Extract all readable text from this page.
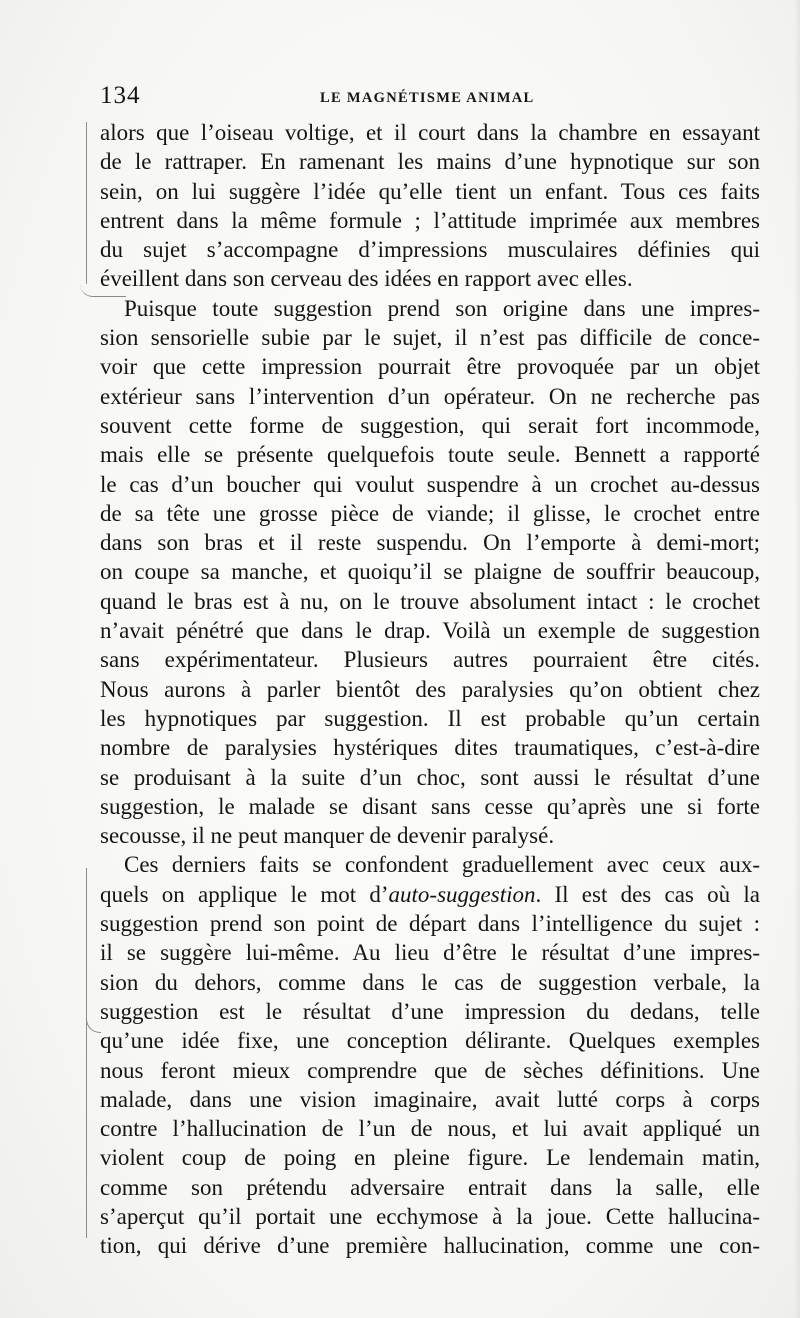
134	LE MAGNÉTISME ANIMAL
alors que l’oiseau voltige, et il court dans la chambre en essayant
de le rattraper. En ramenant les mains d’une hypnotique sur son
sein, on lui suggère l’idée qu’elle tient un enfant. Tous ces faits
entrent dans la même formule ; l’attitude imprimée aux membres
du sujet s’accompagne d’impressions musculaires définies qui
éveillent dans son cerveau des idées en rapport avec elles.
Puisque toute suggestion prend son origine dans une impres-
sion sensorielle subie par le sujet, il n’est pas difficile de conce-
voir que cette impression pourrait être provoquée par un objet
extérieur sans l’intervention d’un opérateur. On ne recherche pas
souvent cette forme de suggestion, qui serait fort incommode,
mais elle se présente quelquefois toute seule. Bennett a rapporté
le cas d’un boucher qui voulut suspendre à un crochet au-dessus
de sa tête une grosse pièce de viande; il glisse, le crochet entre
dans son bras et il reste suspendu. On l’emporte à demi-mort;
on coupe sa manche, et quoiqu’il se plaigne de souffrir beaucoup,
quand le bras est à nu, on le trouve absolument intact : le crochet
n’avait pénétré que dans le drap. Voilà un exemple de suggestion
sans expérimentateur. Plusieurs autres pourraient être cités.
Nous aurons à parler bientôt des paralysies qu’on obtient chez
les hypnotiques par suggestion. Il est probable qu’un certain
nombre de paralysies hystériques dites traumatiques, c’est-à-dire
se produisant à la suite d’un choc, sont aussi le résultat d’une
suggestion, le malade se disant sans cesse qu’après une si forte
secousse, il ne peut manquer de devenir paralysé.
Ces derniers faits se confondent graduellement avec ceux aux-
quels on applique le mot d’auto-suggestion. Il est des cas où la
suggestion prend son point de départ dans l’intelligence du sujet :
il se suggère lui-même. Au lieu d’être le résultat d’une impres-
sion du dehors, comme dans le cas de suggestion verbale, la
suggestion est le résultat d’une impression du dedans, telle
qu’une idée fixe, une conception délirante. Quelques exemples
nous feront mieux comprendre que de sèches définitions. Une
malade, dans une vision imaginaire, avait lutté corps à corps
contre l’hallucination de l’un de nous, et lui avait appliqué un
violent coup de poing en pleine figure. Le lendemain matin,
comme son prétendu adversaire entrait dans la salle, elle
s’aperçut qu’il portait une ecchymose à la joue. Cette hallucina-
tion, qui dérive d’une première hallucination, comme une con-
